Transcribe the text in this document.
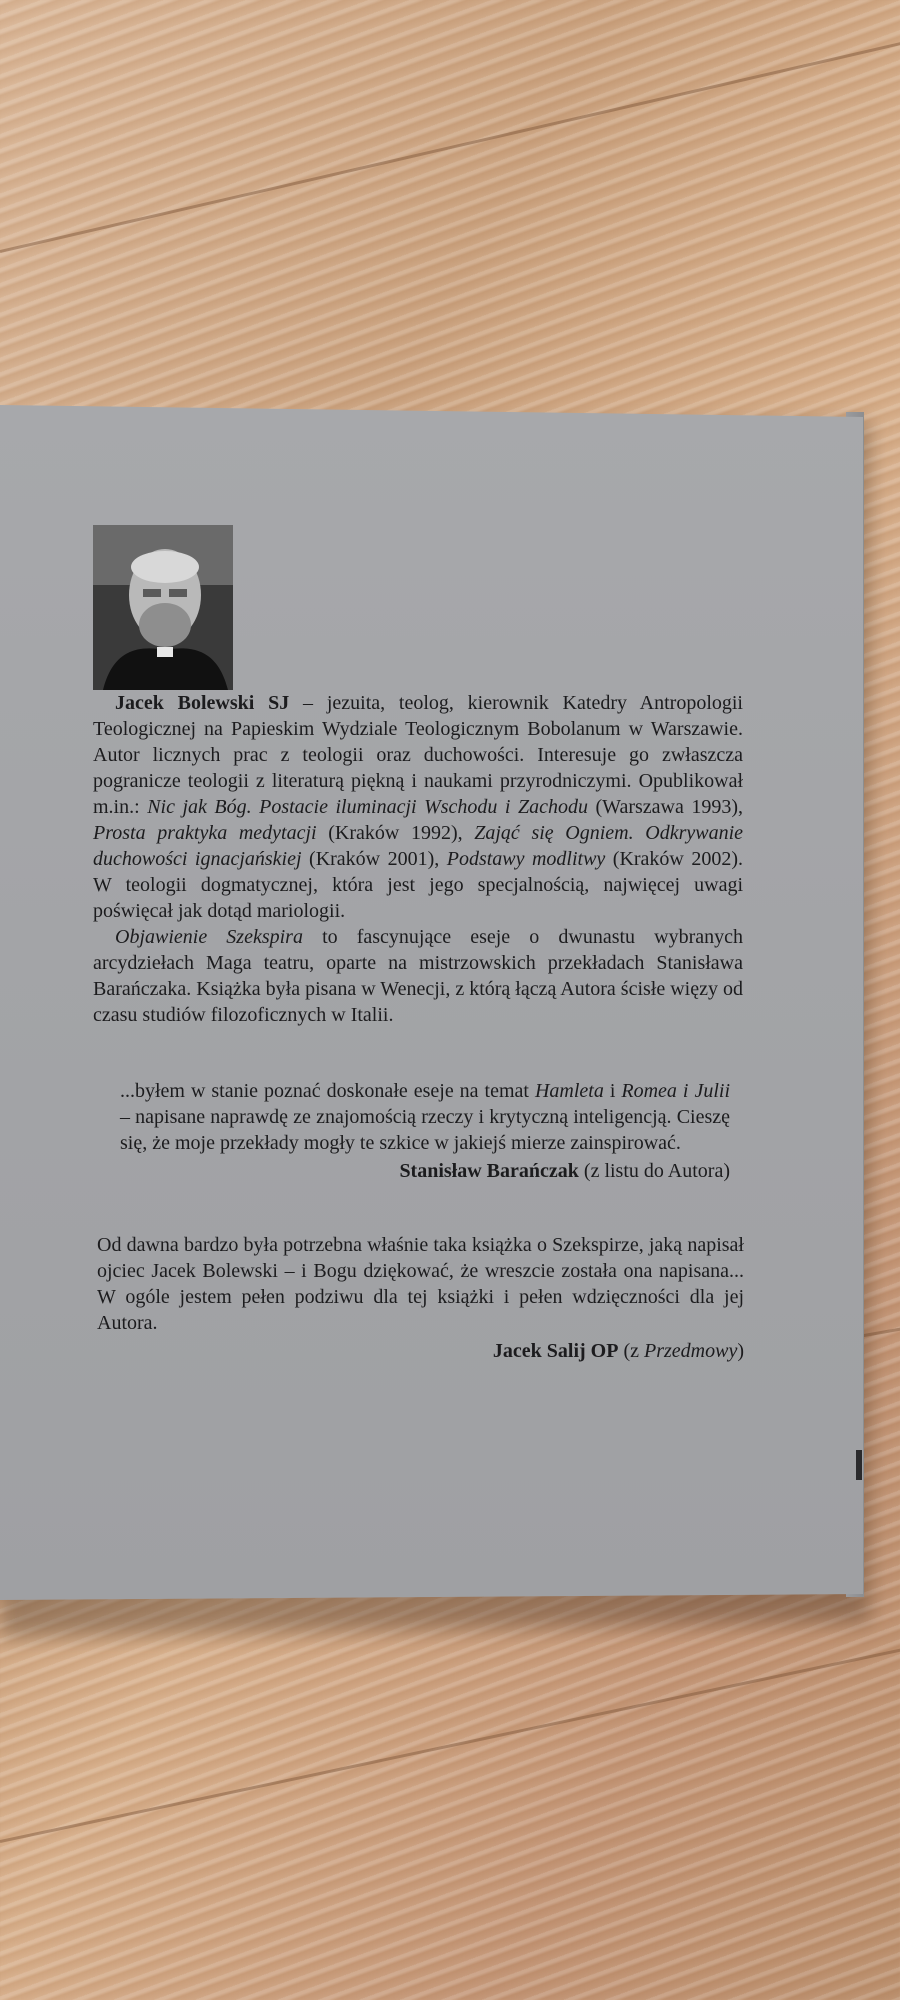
Jacek Bolewski SJ – jezuita, teolog, kierownik Katedry Antropologii Teologicznej na Papieskim Wydziale Teologicznym Bobolanum w Warszawie. Autor licznych prac z teologii oraz duchowości. Interesuje go zwłaszcza pogranicze teologii z literaturą piękną i naukami przyrodniczymi. Opublikował m.in.: Nic jak Bóg. Postacie iluminacji Wschodu i Zachodu (Warszawa 1993), Prosta praktyka medytacji (Kraków 1992), Zająć się Ogniem. Odkrywanie duchowości ignacjańskiej (Kraków 2001), Podstawy modlitwy (Kraków 2002). W teologii dogmatycznej, która jest jego specjalnością, najwięcej uwagi poświęcał jak dotąd mariologii.

Objawienie Szekspira to fascynujące eseje o dwunastu wybranych arcydziełach Maga teatru, oparte na mistrzowskich przekładach Stanisława Barańczaka. Książka była pisana w Wenecji, z którą łączą Autora ścisłe więzy od czasu studiów filozoficznych w Italii.

...byłem w stanie poznać doskonałe eseje na temat Hamleta i Romea i Julii – napisane naprawdę ze znajomością rzeczy i krytyczną inteligencją. Cieszę się, że moje przekłady mogły te szkice w jakiejś mierze zainspirować.
Stanisław Barańczak (z listu do Autora)
Od dawna bardzo była potrzebna właśnie taka książka o Szekspirze, jaką napisał ojciec Jacek Bolewski – i Bogu dziękować, że wreszcie została ona napisana... W ogóle jestem pełen podziwu dla tej książki i pełen wdzięczności dla jej Autora.
Jacek Salij OP (z Przedmowy)
